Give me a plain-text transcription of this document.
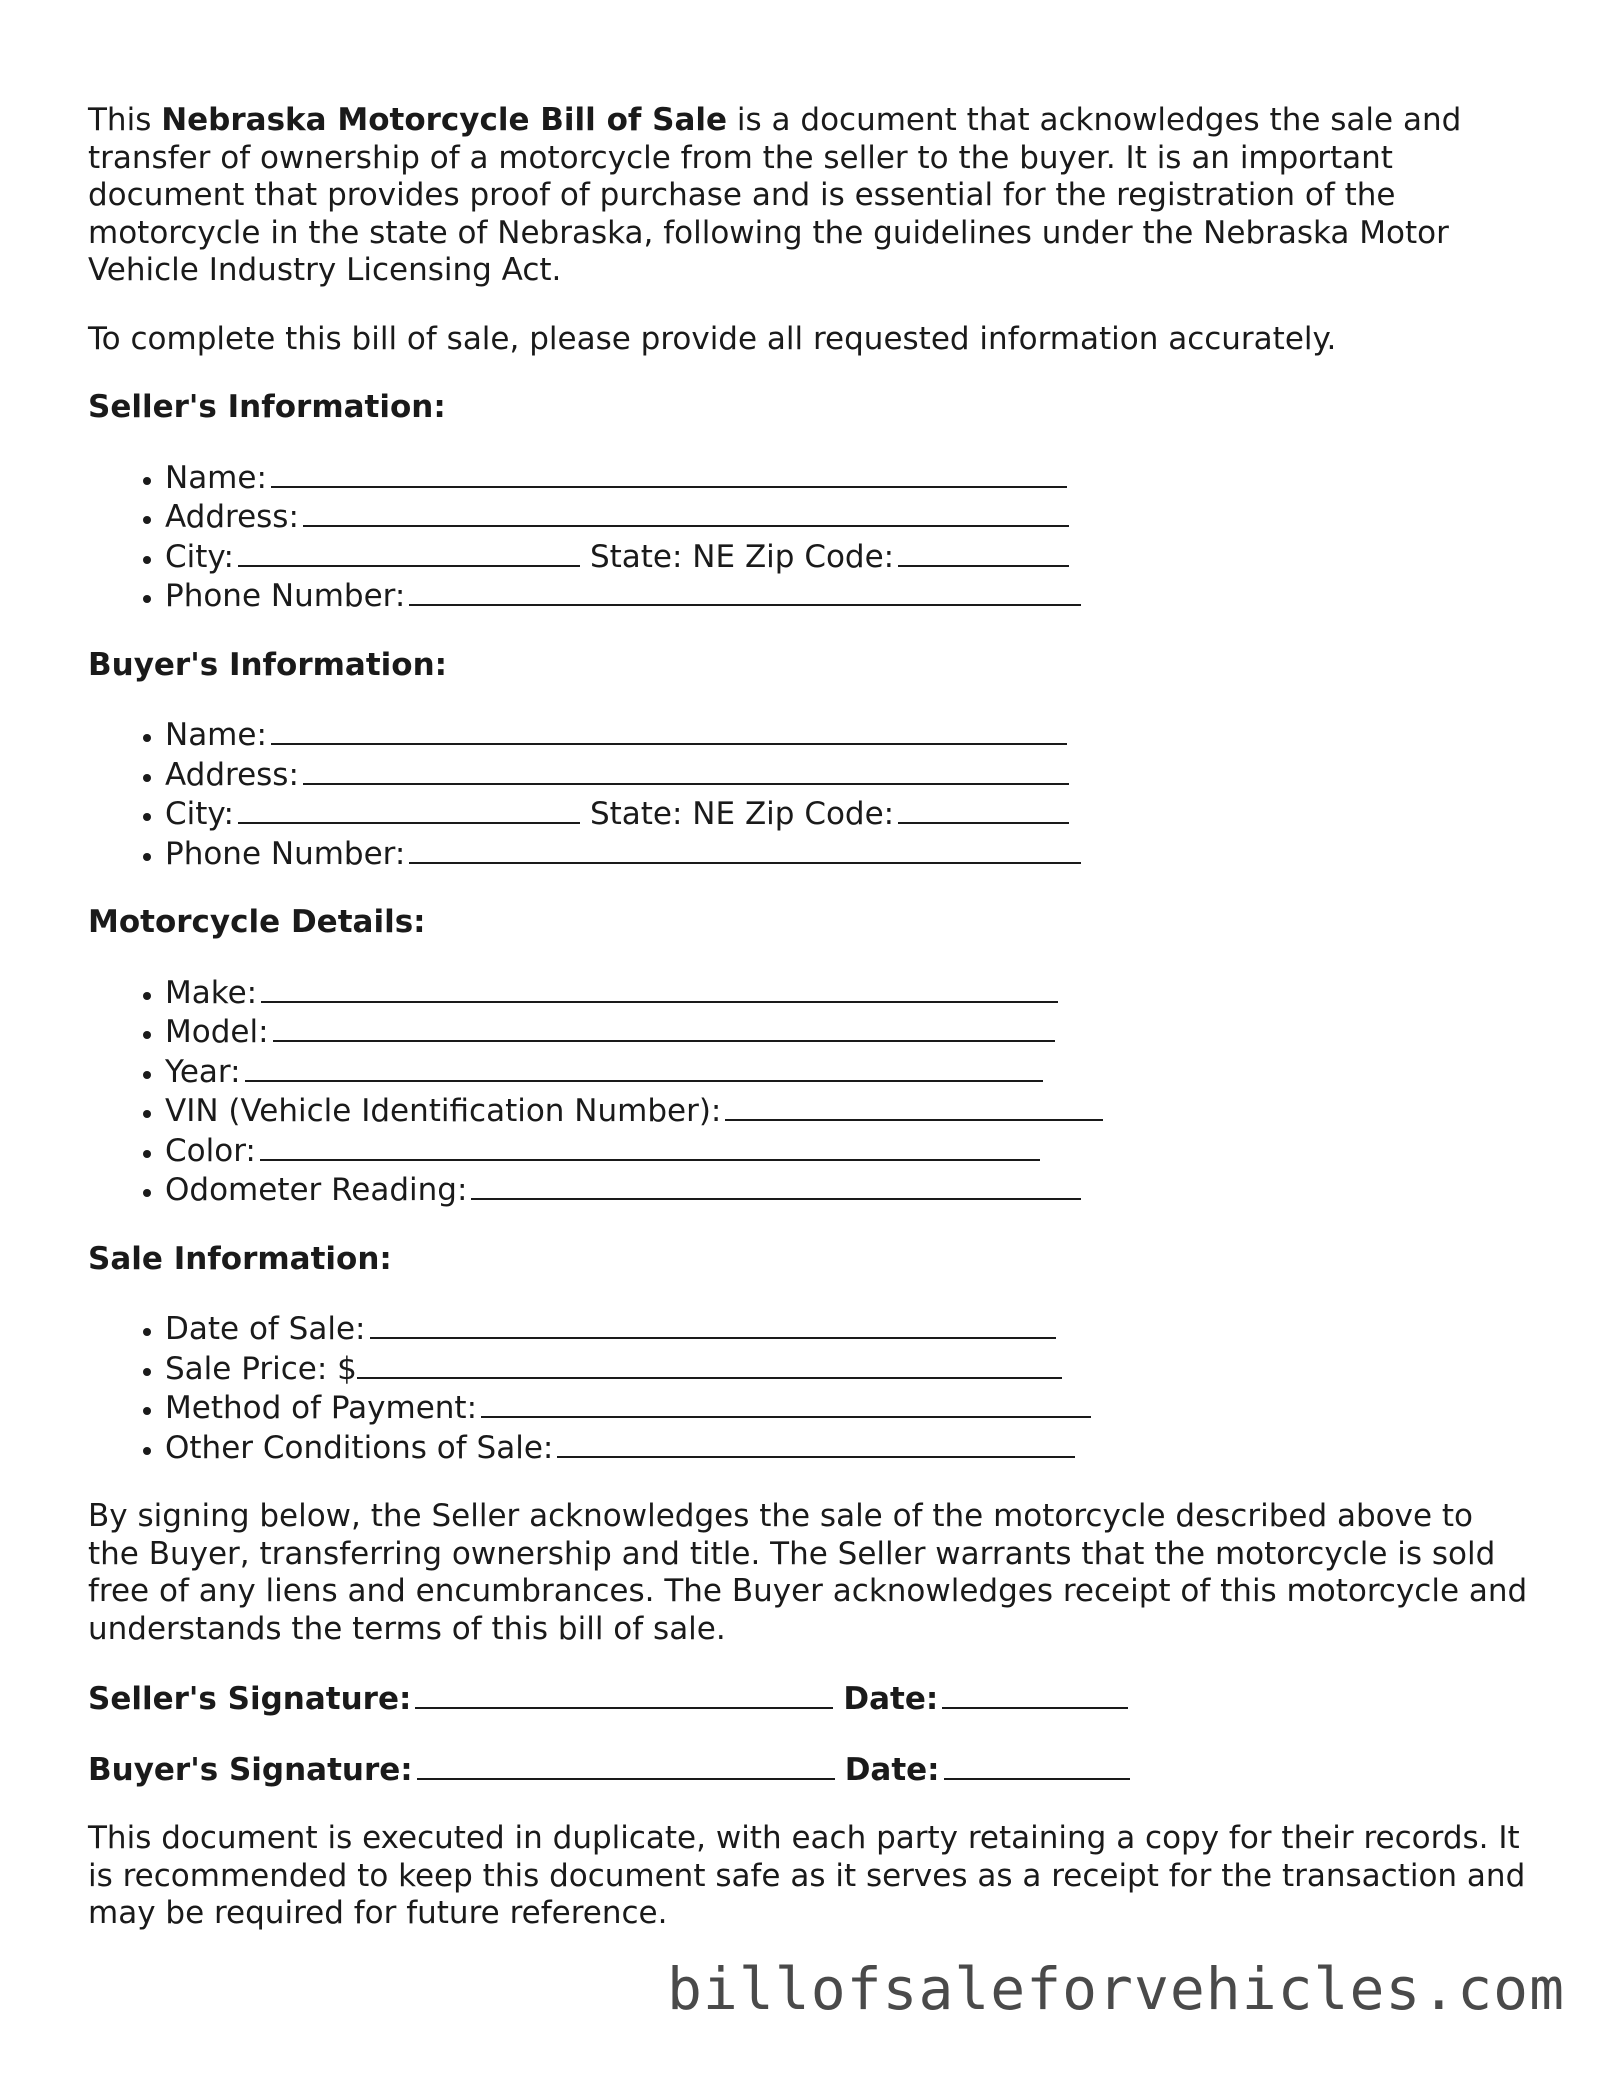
This Nebraska Motorcycle Bill of Sale is a document that acknowledges the sale and transfer of ownership of a motorcycle from the seller to the buyer. It is an important document that provides proof of purchase and is essential for the registration of the motorcycle in the state of Nebraska, following the guidelines under the Nebraska Motor Vehicle Industry Licensing Act.

To complete this bill of sale, please provide all requested information accurately.

Seller's Information:
• Name:
• Address:
• City:	State: NE Zip Code:
• Phone Number:
Buyer's Information:
• Name:
• Address:
• City:	State: NE Zip Code:
• Phone Number:
Motorcycle Details:
• Make:
• Model:
• Year:
• VIN (Vehicle Identification Number):
• Color:
• Odometer Reading:
Sale Information:
• Date of Sale:
• Sale Price: $
• Method of Payment:
• Other Conditions of Sale:

By signing below, the Seller acknowledges the sale of the motorcycle described above to the Buyer, transferring ownership and title. The Seller warrants that the motorcycle is sold free of any liens and encumbrances. The Buyer acknowledges receipt of this motorcycle and understands the terms of this bill of sale.

Seller's Signature:	Date:
Buyer's Signature:	Date:

This document is executed in duplicate, with each party retaining a copy for their records. It is recommended to keep this document safe as it serves as a receipt for the transaction and may be required for future reference.

billofsaleforvehicles.com
